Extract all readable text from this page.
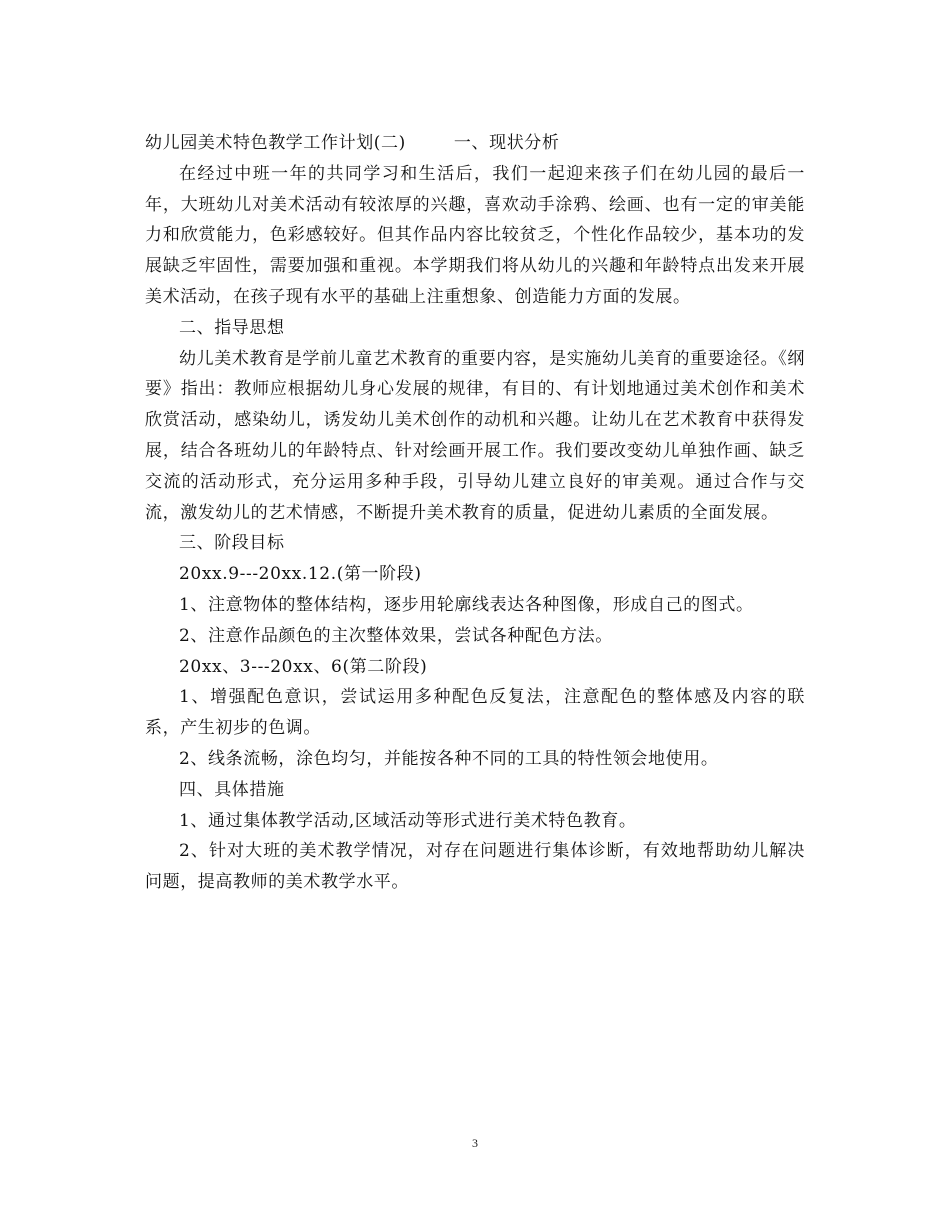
幼儿园美术特色教学工作计划(二)	一、现状分析

在经过中班一年的共同学习和生活后，我们一起迎来孩子们在幼儿园的最后一年，大班幼儿对美术活动有较浓厚的兴趣，喜欢动手涂鸦、绘画、也有一定的审美能力和欣赏能力，色彩感较好。但其作品内容比较贫乏，个性化作品较少，基本功的发展缺乏牢固性，需要加强和重视。本学期我们将从幼儿的兴趣和年龄特点出发来开展美术活动，在孩子现有水平的基础上注重想象、创造能力方面的发展。

二、指导思想

幼儿美术教育是学前儿童艺术教育的重要内容，是实施幼儿美育的重要途径。《纲要》指出：教师应根据幼儿身心发展的规律，有目的、有计划地通过美术创作和美术欣赏活动，感染幼儿，诱发幼儿美术创作的动机和兴趣。让幼儿在艺术教育中获得发展，结合各班幼儿的年龄特点、针对绘画开展工作。我们要改变幼儿单独作画、缺乏交流的活动形式，充分运用多种手段，引导幼儿建立良好的审美观。通过合作与交流，激发幼儿的艺术情感，不断提升美术教育的质量，促进幼儿素质的全面发展。

三、阶段目标

20xx.9---20xx.12.(第一阶段)

1、注意物体的整体结构，逐步用轮廓线表达各种图像，形成自己的图式。

2、注意作品颜色的主次整体效果，尝试各种配色方法。

20xx、3---20xx、6(第二阶段)

1、增强配色意识，尝试运用多种配色反复法，注意配色的整体感及内容的联系，产生初步的色调。

2、线条流畅，涂色均匀，并能按各种不同的工具的特性领会地使用。

四、具体措施

1、通过集体教学活动,区域活动等形式进行美术特色教育。

2、针对大班的美术教学情况，对存在问题进行集体诊断，有效地帮助幼儿解决问题，提高教师的美术教学水平。

3
